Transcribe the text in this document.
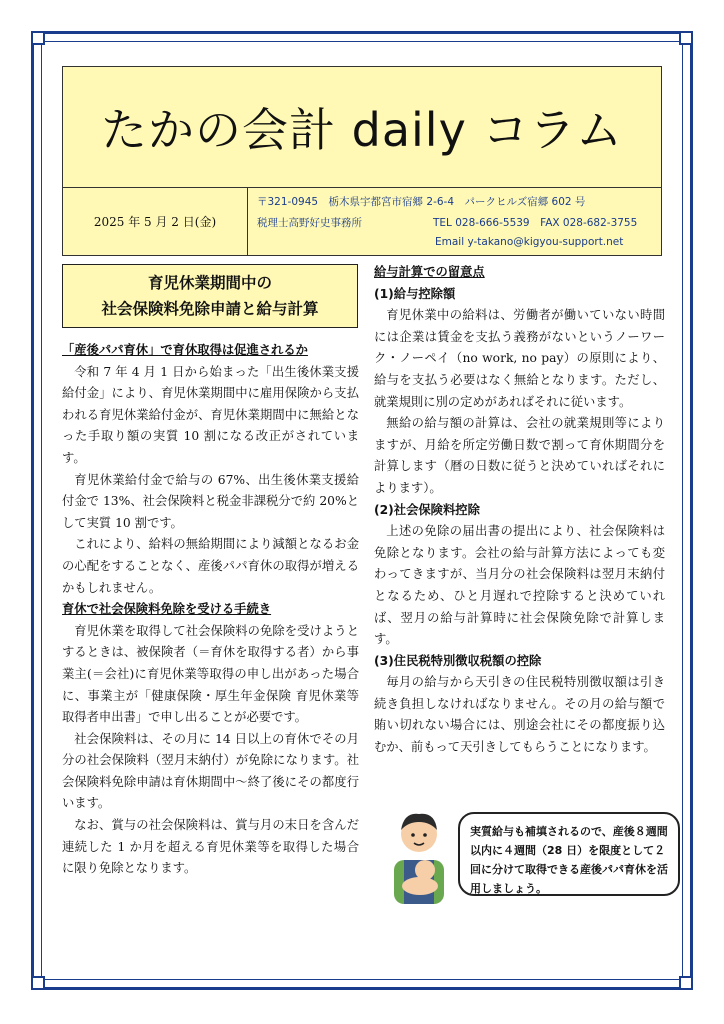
たかの会計 daily コラム
2025 年 5 月 2 日(金)
〒321-0945　栃木県宇都宮市宿郷 2-6-4　パークヒルズ宿郷 602 号
税理士高野好史事務所	TEL 028-666-5539　FAX 028-682-3755
Email y-takano@kigyou-support.net
育児休業期間中の
社会保険料免除申請と給与計算
「産後パパ育休」で育休取得は促進されるか

令和 7 年 4 月 1 日から始まった「出生後休業支援給付金」により、育児休業期間中に雇用保険から支払われる育児休業給付金が、育児休業期間中に無給となった手取り額の実質 10 割になる改正がされています。

育児休業給付金で給与の 67%、出生後休業支援給付金で 13%、社会保険料と税金非課税分で約 20%として実質 10 割です。

これにより、給料の無給期間により減額となるお金の心配をすることなく、産後パパ育休の取得が増えるかもしれません。

育休で社会保険料免除を受ける手続き

育児休業を取得して社会保険料の免除を受けようとするときは、被保険者（＝育休を取得する者）から事業主(＝会社)に育児休業等取得の申し出があった場合に、事業主が「健康保険・厚生年金保険 育児休業等取得者申出書」で申し出ることが必要です。

社会保険料は、その月に 14 日以上の育休でその月分の社会保険料（翌月末納付）が免除になります。社会保険料免除申請は育休期間中～終了後にその都度行います。

なお、賞与の社会保険料は、賞与月の末日を含んだ連続した 1 か月を超える育児休業等を取得した場合に限り免除となります。

給与計算での留意点
(1)給与控除額

育児休業中の給料は、労働者が働いていない時間には企業は賃金を支払う義務がないというノーワーク・ノーペイ（no work, no pay）の原則により、給与を支払う必要はなく無給となります。ただし、就業規則に別の定めがあればそれに従います。

無給の給与額の計算は、会社の就業規則等によりますが、月給を所定労働日数で割って育休期間分を計算します（暦の日数に従うと決めていればそれによります）。

(2)社会保険料控除

上述の免除の届出書の提出により、社会保険料は免除となります。会社の給与計算方法によっても変わってきますが、当月分の社会保険料は翌月末納付となるため、ひと月遅れで控除すると決めていれば、翌月の給与計算時に社会保険免除で計算します。

(3)住民税特別徴収税額の控除

毎月の給与から天引きの住民税特別徴収額は引き続き負担しなければなりません。その月の給与額で賄い切れない場合には、別途会社にその都度振り込むか、前もって天引きしてもらうことになります。

実質給与も補填されるので、産後８週間以内に４週間（28 日）を限度として２回に分けて取得できる産後パパ育休を活用しましょう。
